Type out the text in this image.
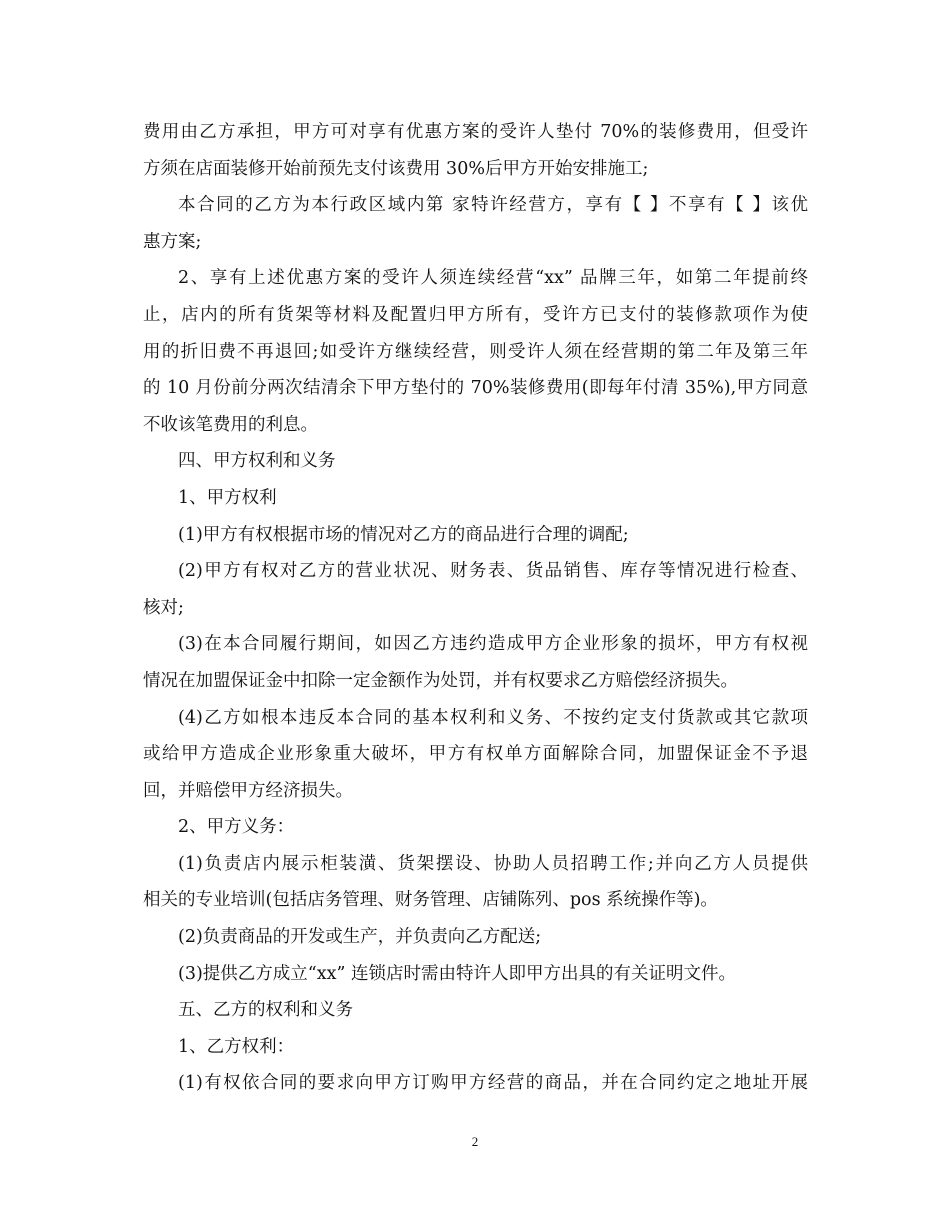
费用由乙方承担，甲方可对享有优惠方案的受许人垫付 70%的装修费用，但受许
方须在店面装修开始前预先支付该费用 30%后甲方开始安排施工;
本合同的乙方为本行政区域内第 家特许经营方，享有【 】不享有【 】该优
惠方案;
2、享有上述优惠方案的受许人须连续经营“xx” 品牌三年，如第二年提前终
止，店内的所有货架等材料及配置归甲方所有，受许方已支付的装修款项作为使
用的折旧费不再退回;如受许方继续经营，则受许人须在经营期的第二年及第三年
的 10 月份前分两次结清余下甲方垫付的 70%装修费用(即每年付清 35%),甲方同意
不收该笔费用的利息。
四、甲方权利和义务
1、甲方权利
(1)甲方有权根据市场的情况对乙方的商品进行合理的调配;
(2)甲方有权对乙方的营业状况、财务表、货品销售、库存等情况进行检查、
核对;
(3)在本合同履行期间，如因乙方违约造成甲方企业形象的损坏，甲方有权视
情况在加盟保证金中扣除一定金额作为处罚，并有权要求乙方赔偿经济损失。
(4)乙方如根本违反本合同的基本权利和义务、不按约定支付货款或其它款项
或给甲方造成企业形象重大破坏，甲方有权单方面解除合同，加盟保证金不予退
回，并赔偿甲方经济损失。
2、甲方义务：
(1)负责店内展示柜装潢、货架摆设、协助人员招聘工作;并向乙方人员提供
相关的专业培训(包括店务管理、财务管理、店铺陈列、pos 系统操作等)。
(2)负责商品的开发或生产，并负责向乙方配送;
(3)提供乙方成立“xx” 连锁店时需由特许人即甲方出具的有关证明文件。
五、乙方的权利和义务
1、乙方权利：
(1)有权依合同的要求向甲方订购甲方经营的商品，并在合同约定之地址开展
2
